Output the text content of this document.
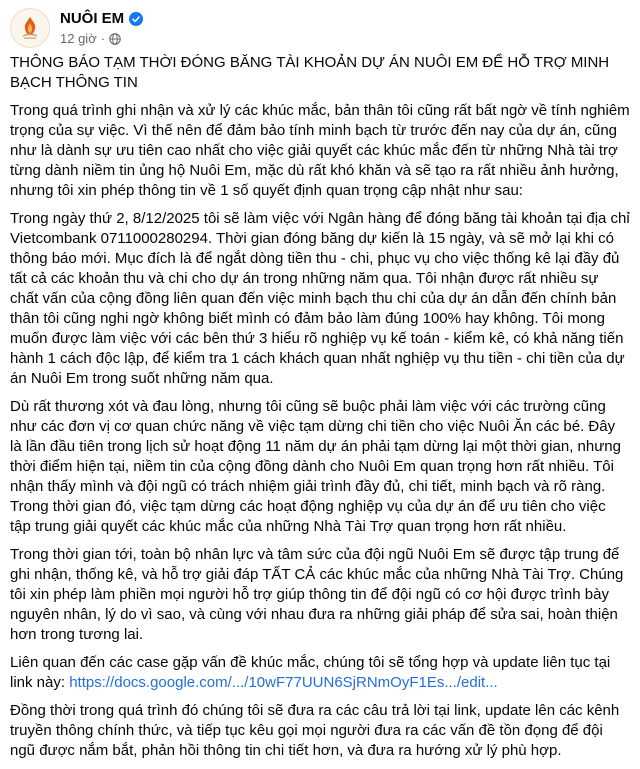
NUÔI EM
12 giờ ·

THÔNG BÁO TẠM THỜI ĐÓNG BĂNG TÀI KHOẢN DỰ ÁN NUÔI EM ĐỂ HỖ TRỢ MINH BẠCH THÔNG TIN

Trong quá trình ghi nhận và xử lý các khúc mắc, bản thân tôi cũng rất bất ngờ về tính nghiêm trọng của sự việc. Vì thế nên để đảm bảo tính minh bạch từ trước đến nay của dự án, cũng như là dành sự ưu tiên cao nhất cho việc giải quyết các khúc mắc đến từ những Nhà tài trợ từng dành niềm tin ủng hộ Nuôi Em, mặc dù rất khó khăn và sẽ tạo ra rất nhiều ảnh hưởng, nhưng tôi xin phép thông tin về 1 số quyết định quan trọng cập nhật như sau:

Trong ngày thứ 2, 8/12/2025 tôi sẽ làm việc với Ngân hàng để đóng băng tài khoản tại địa chỉ Vietcombank 0711000280294. Thời gian đóng băng dự kiến là 15 ngày, và sẽ mở lại khi có thông báo mới. Mục đích là để ngắt dòng tiền thu - chi, phục vụ cho việc thống kê lại đầy đủ tất cả các khoản thu và chi cho dự án trong những năm qua. Tôi nhận được rất nhiều sự chất vấn của cộng đồng liên quan đến việc minh bạch thu chi của dự án dẫn đến chính bản thân tôi cũng nghi ngờ không biết mình có đảm bảo làm đúng 100% hay không. Tôi mong muốn được làm việc với các bên thứ 3 hiểu rõ nghiệp vụ kế toán - kiểm kê, có khả năng tiến hành 1 cách độc lập, để kiểm tra 1 cách khách quan nhất nghiệp vụ thu tiền - chi tiền của dự án Nuôi Em trong suốt những năm qua.

Dù rất thương xót và đau lòng, nhưng tôi cũng sẽ buộc phải làm việc với các trường cũng như các đơn vị cơ quan chức năng về việc tạm dừng chi tiền cho việc Nuôi Ăn các bé. Đây là lần đầu tiên trong lịch sử hoạt động 11 năm dự án phải tạm dừng lại một thời gian, nhưng thời điểm hiện tại, niềm tin của cộng đồng dành cho Nuôi Em quan trọng hơn rất nhiều. Tôi nhận thấy mình và đội ngũ có trách nhiệm giải trình đầy đủ, chi tiết, minh bạch và rõ ràng. Trong thời gian đó, việc tạm dừng các hoạt động nghiệp vụ của dự án để ưu tiên cho việc tập trung giải quyết các khúc mắc của những Nhà Tài Trợ quan trọng hơn rất nhiều.

Trong thời gian tới, toàn bộ nhân lực và tâm sức của đội ngũ Nuôi Em sẽ được tập trung để ghi nhận, thống kê, và hỗ trợ giải đáp TẤT CẢ các khúc mắc của những Nhà Tài Trợ. Chúng tôi xin phép làm phiền mọi người hỗ trợ giúp thông tin để đội ngũ có cơ hội được trình bày nguyên nhân, lý do vì sao, và cùng với nhau đưa ra những giải pháp để sửa sai, hoàn thiện hơn trong tương lai.

Liên quan đến các case gặp vấn đề khúc mắc, chúng tôi sẽ tổng hợp và update liên tục tại link này: https://docs.google.com/.../10wF77UUN6SjRNmOyF1Es.../edit...

Đồng thời trong quá trình đó chúng tôi sẽ đưa ra các câu trả lời tại link, update lên các kênh truyền thông chính thức, và tiếp tục kêu gọi mọi người đưa ra các vấn đề tồn đọng để đội ngũ được nắm bắt, phản hồi thông tin chi tiết hơn, và đưa ra hướng xử lý phù hợp.
